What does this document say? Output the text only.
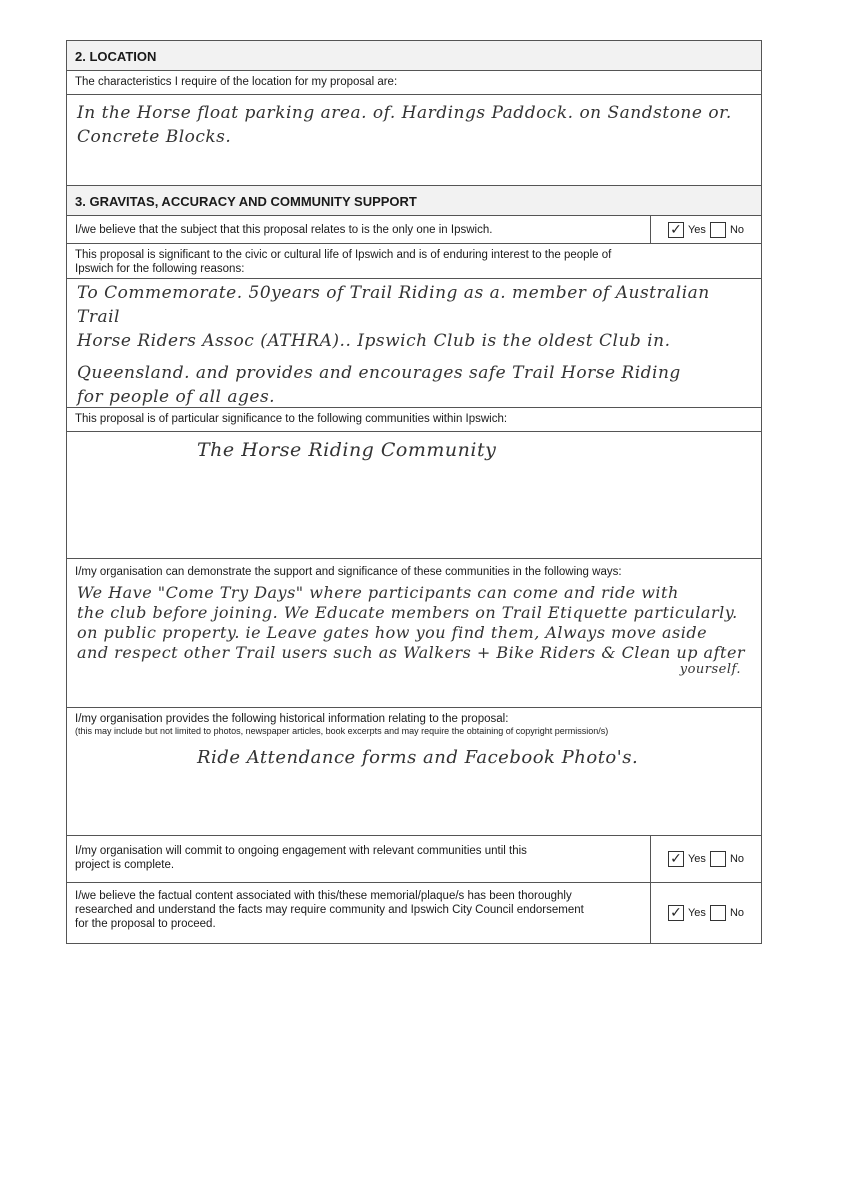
2. LOCATION
The characteristics I require of the location for my proposal are:
In the Horse float parking area. of. Hardings Paddock. on Sandstone or.
Concrete Blocks.
3. GRAVITAS, ACCURACY AND COMMUNITY SUPPORT
I/we believe that the subject that this proposal relates to is the only one in Ipswich.	✓ Yes No
This proposal is significant to the civic or cultural life of Ipswich and is of enduring interest to the people of
Ipswich for the following reasons:
To Commemorate. 50years of Trail Riding as a. member of Australian Trail
Horse Riders Assoc (ATHRA).. Ipswich Club is the oldest Club in.
Queensland. and provides and encourages safe Trail Horse Riding
for people of all ages.
This proposal is of particular significance to the following communities within Ipswich:
The Horse Riding Community
I/my organisation can demonstrate the support and significance of these communities in the following ways:
We Have "Come Try Days" where participants can come and ride with
the club before joining. We Educate members on Trail Etiquette particularly.
on public property. ie Leave gates how you find them, Always move aside
and respect other Trail users such as Walkers + Bike Riders & Clean up after
yourself.
I/my organisation provides the following historical information relating to the proposal:
(this may include but not limited to photos, newspaper articles, book excerpts and may require the obtaining of copyright permission/s)
Ride Attendance forms and Facebook Photo's.
I/my organisation will commit to ongoing engagement with relevant communities until this
project is complete.	✓ Yes No
I/we believe the factual content associated with this/these memorial/plaque/s has been thoroughly
researched and understand the facts may require community and Ipswich City Council endorsement
for the proposal to proceed.
✓ Yes No
